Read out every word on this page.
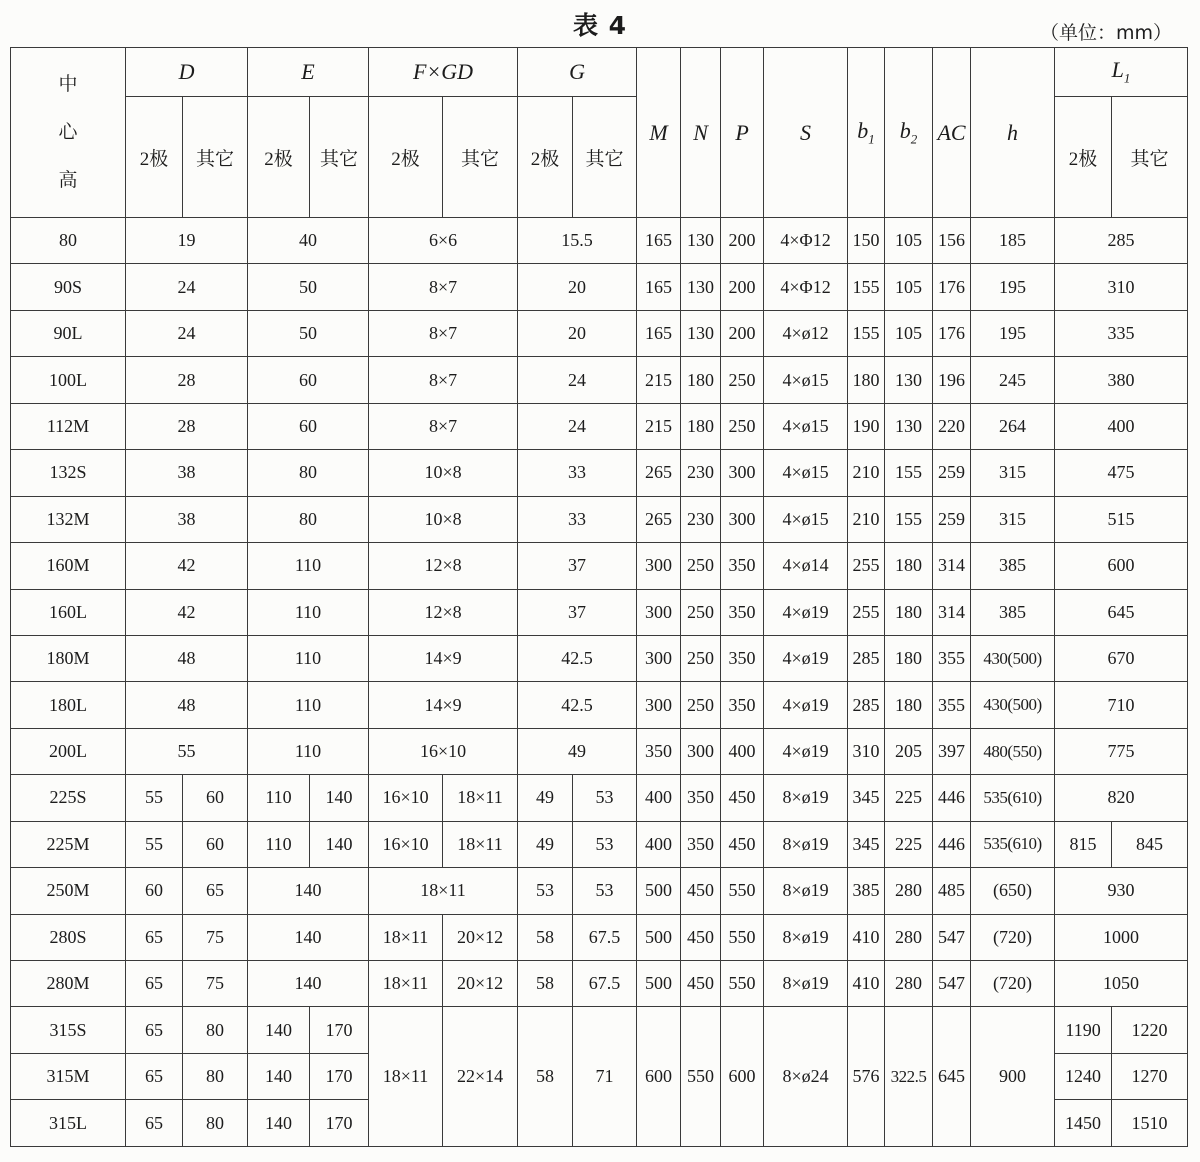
表 4	（单位：mm）
中
心
高	D		E		F×GD		G		M	N	P	S	$b_1$	$b_2$	AC	h	$L_1$
	2极	其它	2极	其它	2极	其它	2极	其它									2极	其它
80	19		40		6×6		15.5		165	130	200	4×Φ12	150	105	156	185	285	
90S	24		50		8×7		20		165	130	200	4×Φ12	155	105	176	195	310	
90L	24		50		8×7		20		165	130	200	4×ø12	155	105	176	195	335	
100L	28		60		8×7		24		215	180	250	4×ø15	180	130	196	245	380	
112M	28		60		8×7		24		215	180	250	4×ø15	190	130	220	264	400	
132S	38		80		10×8		33		265	230	300	4×ø15	210	155	259	315	475	
132M	38		80		10×8		33		265	230	300	4×ø15	210	155	259	315	515	
160M	42		110		12×8		37		300	250	350	4×ø14	255	180	314	385	600	
160L	42		110		12×8		37		300	250	350	4×ø19	255	180	314	385	645	
180M	48		110		14×9		42.5		300	250	350	4×ø19	285	180	355	430(500)	670	
180L	48		110		14×9		42.5		300	250	350	4×ø19	285	180	355	430(500)	710	
200L	55		110		16×10		49		350	300	400	4×ø19	310	205	397	480(550)	775	
225S	55	60	110	140	16×10	18×11	49	53	400	350	450	8×ø19	345	225	446	535(610)	820	
225M	55	60	110	140	16×10	18×11	49	53	400	350	450	8×ø19	345	225	446	535(610)	815	845
250M	60	65	140		18×11		53	53	500	450	550	8×ø19	385	280	485	(650)	930	
280S	65	75	140		18×11	20×12	58	67.5	500	450	550	8×ø19	410	280	547	(720)	1000	
280M	65	75	140		18×11	20×12	58	67.5	500	450	550	8×ø19	410	280	547	(720)	1050	
315S	65	80	140	170	18×11	22×14	58	71	600	550	600	8×ø24	576	322.5	645	900	1190	1220
315M	65	80	140	170													1240	1270
315L	65	80	140	170													1450	1510
